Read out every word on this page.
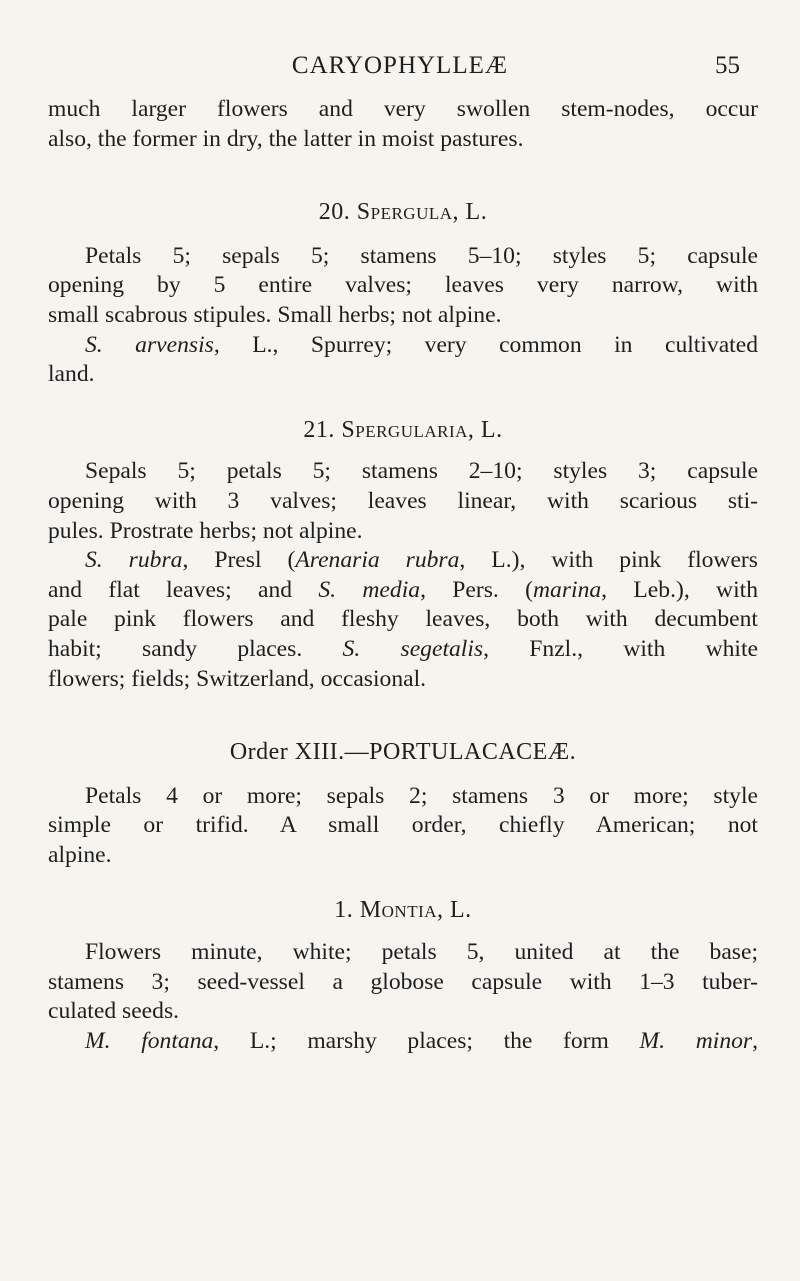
CARYOPHYLLEÆ	55
much larger flowers and very swollen stem-nodes, occur
also, the former in dry, the latter in moist pastures.
20. Spergula, L.
Petals 5; sepals 5; stamens 5–10; styles 5; capsule
opening by 5 entire valves; leaves very narrow, with
small scabrous stipules. Small herbs; not alpine.
S. arvensis, L., Spurrey; very common in cultivated
land.
21. Spergularia, L.
Sepals 5; petals 5; stamens 2–10; styles 3; capsule
opening with 3 valves; leaves linear, with scarious sti-
pules. Prostrate herbs; not alpine.
S. rubra, Presl (Arenaria rubra, L.), with pink flowers
and flat leaves; and S. media, Pers. (marina, Leb.), with
pale pink flowers and fleshy leaves, both with decumbent
habit; sandy places. S. segetalis, Fnzl., with white
flowers; fields; Switzerland, occasional.
Order XIII.—PORTULACACEÆ.
Petals 4 or more; sepals 2; stamens 3 or more; style
simple or trifid. A small order, chiefly American; not
alpine.
1. Montia, L.
Flowers minute, white; petals 5, united at the base;
stamens 3; seed-vessel a globose capsule with 1–3 tuber-
culated seeds.
M. fontana, L.; marshy places; the form M. minor,
